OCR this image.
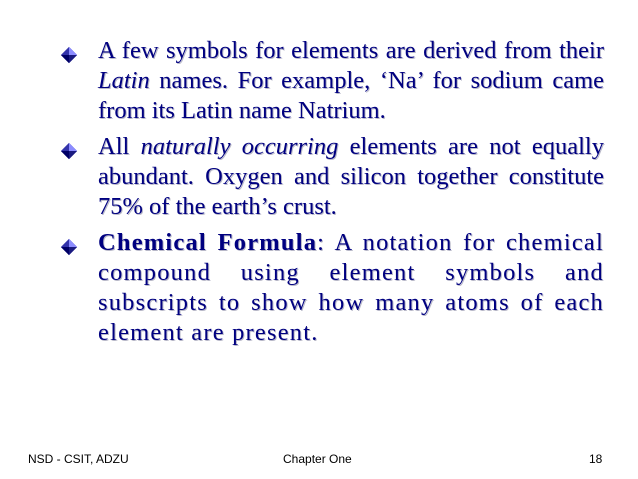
A few symbols for elements are derived from their Latin names. For example, ‘Na’ for sodium came from its Latin name Natrium.
All naturally occurring elements are not equally abundant. Oxygen and silicon together constitute 75% of the earth’s crust.
Chemical Formula: A notation for chemical compound using element symbols and subscripts to show how many atoms of each element are present.
NSD - CSIT, ADZU	Chapter One	18
